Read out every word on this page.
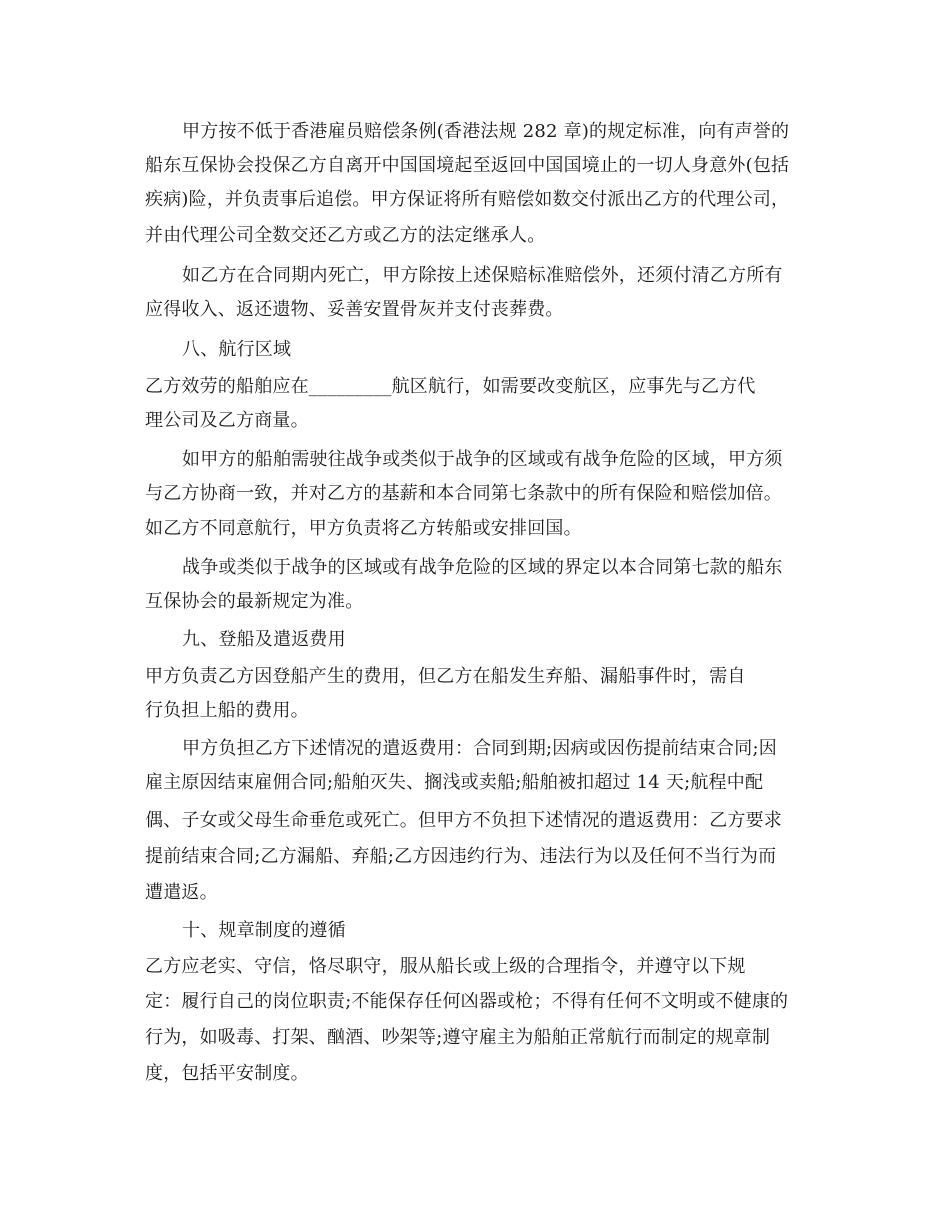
甲方按不低于香港雇员赔偿条例(香港法规 282 章)的规定标准，向有声誉的
船东互保协会投保乙方自离开中国国境起至返回中国国境止的一切人身意外(包括
疾病)险，并负责事后追偿。甲方保证将所有赔偿如数交付派出乙方的代理公司，
并由代理公司全数交还乙方或乙方的法定继承人。
如乙方在合同期内死亡，甲方除按上述保赔标准赔偿外，还须付清乙方所有
应得收入、返还遗物、妥善安置骨灰并支付丧葬费。
八、航行区域
乙方效劳的船舶应在_________航区航行，如需要改变航区，应事先与乙方代
理公司及乙方商量。
如甲方的船舶需驶往战争或类似于战争的区域或有战争危险的区域，甲方须
与乙方协商一致，并对乙方的基薪和本合同第七条款中的所有保险和赔偿加倍。
如乙方不同意航行，甲方负责将乙方转船或安排回国。
战争或类似于战争的区域或有战争危险的区域的界定以本合同第七款的船东
互保协会的最新规定为准。
九、登船及遣返费用
甲方负责乙方因登船产生的费用，但乙方在船发生弃船、漏船事件时，需自
行负担上船的费用。
甲方负担乙方下述情况的遣返费用：合同到期;因病或因伤提前结束合同;因
雇主原因结束雇佣合同;船舶灭失、搁浅或卖船;船舶被扣超过 14 天;航程中配
偶、子女或父母生命垂危或死亡。但甲方不负担下述情况的遣返费用：乙方要求
提前结束合同;乙方漏船、弃船;乙方因违约行为、违法行为以及任何不当行为而
遭遣返。
十、规章制度的遵循
乙方应老实、守信，恪尽职守，服从船长或上级的合理指令，并遵守以下规
定：履行自己的岗位职责;不能保存任何凶器或枪；不得有任何不文明或不健康的
行为，如吸毒、打架、酗酒、吵架等;遵守雇主为船舶正常航行而制定的规章制
度，包括平安制度。
